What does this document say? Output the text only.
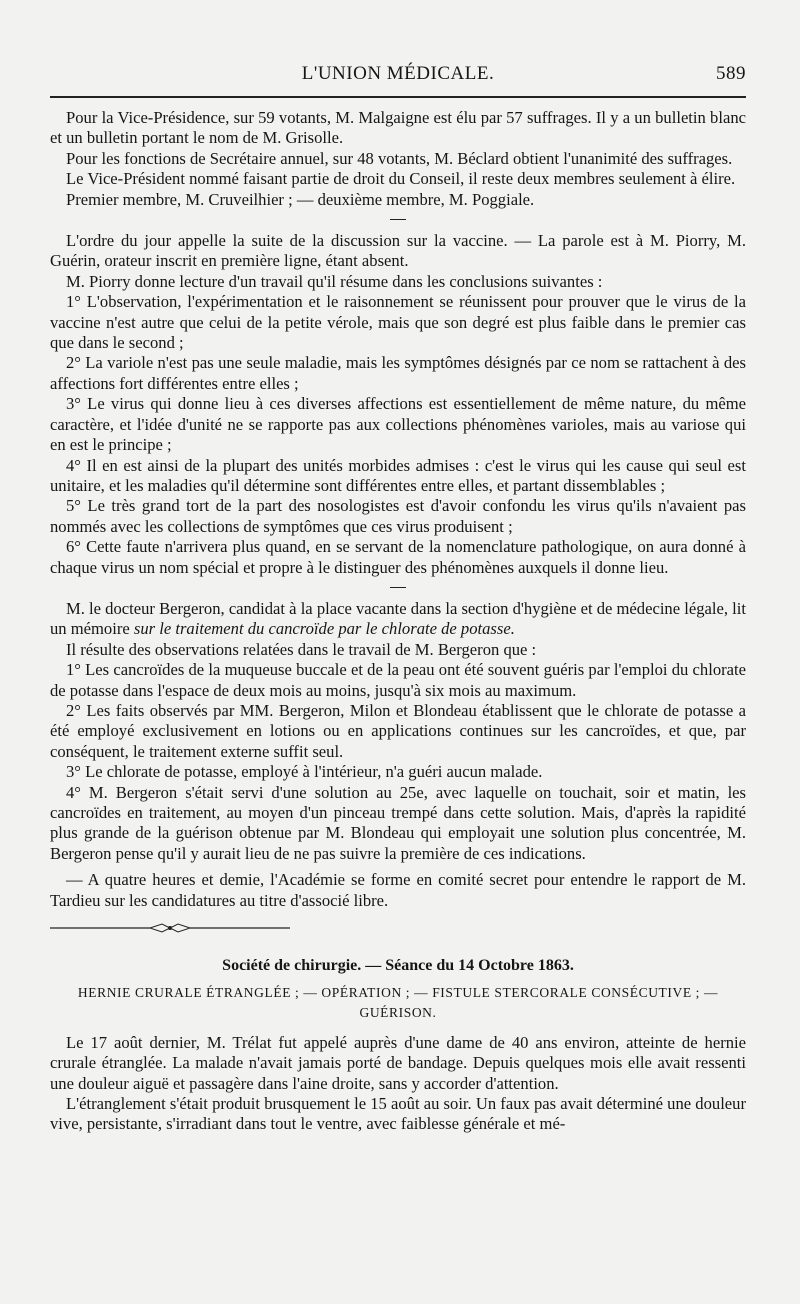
L'UNION MÉDICALE.	589

Pour la Vice-Présidence, sur 59 votants, M. Malgaigne est élu par 57 suffrages. Il y a un bulletin blanc et un bulletin portant le nom de M. Grisolle.

Pour les fonctions de Secrétaire annuel, sur 48 votants, M. Béclard obtient l'unanimité des suffrages.

Le Vice-Président nommé faisant partie de droit du Conseil, il reste deux membres seulement à élire.

Premier membre, M. Cruveilhier ; — deuxième membre, M. Poggiale.

L'ordre du jour appelle la suite de la discussion sur la vaccine. — La parole est à M. Piorry, M. Guérin, orateur inscrit en première ligne, étant absent.

M. Piorry donne lecture d'un travail qu'il résume dans les conclusions suivantes :

1° L'observation, l'expérimentation et le raisonnement se réunissent pour prouver que le virus de la vaccine n'est autre que celui de la petite vérole, mais que son degré est plus faible dans le premier cas que dans le second ;

2° La variole n'est pas une seule maladie, mais les symptômes désignés par ce nom se rattachent à des affections fort différentes entre elles ;

3° Le virus qui donne lieu à ces diverses affections est essentiellement de même nature, du même caractère, et l'idée d'unité ne se rapporte pas aux collections phénomènes varioles, mais au variose qui en est le principe ;

4° Il en est ainsi de la plupart des unités morbides admises : c'est le virus qui les cause qui seul est unitaire, et les maladies qu'il détermine sont différentes entre elles, et partant dissemblables ;

5° Le très grand tort de la part des nosologistes est d'avoir confondu les virus qu'ils n'avaient pas nommés avec les collections de symptômes que ces virus produisent ;

6° Cette faute n'arrivera plus quand, en se servant de la nomenclature pathologique, on aura donné à chaque virus un nom spécial et propre à le distinguer des phénomènes auxquels il donne lieu.

M. le docteur Bergeron, candidat à la place vacante dans la section d'hygiène et de médecine légale, lit un mémoire sur le traitement du cancroïde par le chlorate de potasse.

Il résulte des observations relatées dans le travail de M. Bergeron que :

1° Les cancroïdes de la muqueuse buccale et de la peau ont été souvent guéris par l'emploi du chlorate de potasse dans l'espace de deux mois au moins, jusqu'à six mois au maximum.

2° Les faits observés par MM. Bergeron, Milon et Blondeau établissent que le chlorate de potasse a été employé exclusivement en lotions ou en applications continues sur les cancroïdes, et que, par conséquent, le traitement externe suffit seul.

3° Le chlorate de potasse, employé à l'intérieur, n'a guéri aucun malade.

4° M. Bergeron s'était servi d'une solution au 25e, avec laquelle on touchait, soir et matin, les cancroïdes en traitement, au moyen d'un pinceau trempé dans cette solution. Mais, d'après la rapidité plus grande de la guérison obtenue par M. Blondeau qui employait une solution plus concentrée, M. Bergeron pense qu'il y aurait lieu de ne pas suivre la première de ces indications.

— A quatre heures et demie, l'Académie se forme en comité secret pour entendre le rapport de M. Tardieu sur les candidatures au titre d'associé libre.

Société de chirurgie. — Séance du 14 Octobre 1863.

HERNIE CRURALE ÉTRANGLÉE ; — OPÉRATION ; — FISTULE STERCORALE CONSÉCUTIVE ; — GUÉRISON.

Le 17 août dernier, M. Trélat fut appelé auprès d'une dame de 40 ans environ, atteinte de hernie crurale étranglée. La malade n'avait jamais porté de bandage. Depuis quelques mois elle avait ressenti une douleur aiguë et passagère dans l'aine droite, sans y accorder d'attention.

L'étranglement s'était produit brusquement le 15 août au soir. Un faux pas avait déterminé une douleur vive, persistante, s'irradiant dans tout le ventre, avec faiblesse générale et mé-
